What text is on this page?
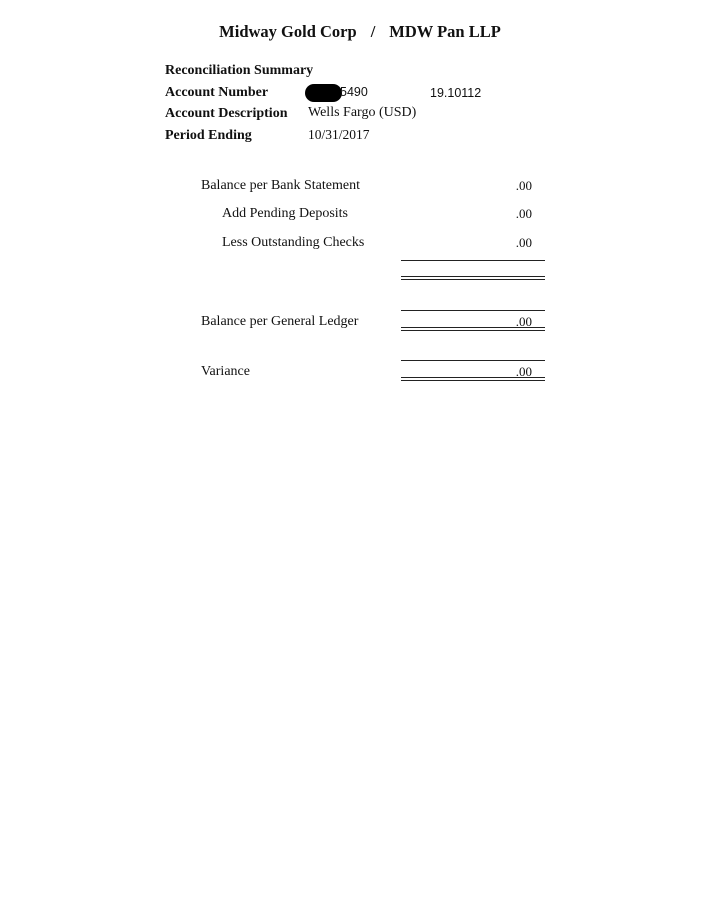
Midway Gold Corp / MDW Pan LLP
Reconciliation Summary
Account Number	5490	19.10112
Account Description Wells Fargo (USD)
Period Ending	10/31/2017
Balance per Bank Statement	.00
Add Pending Deposits	.00
Less Outstanding Checks	.00
Balance per General Ledger	.00
Variance	.00
